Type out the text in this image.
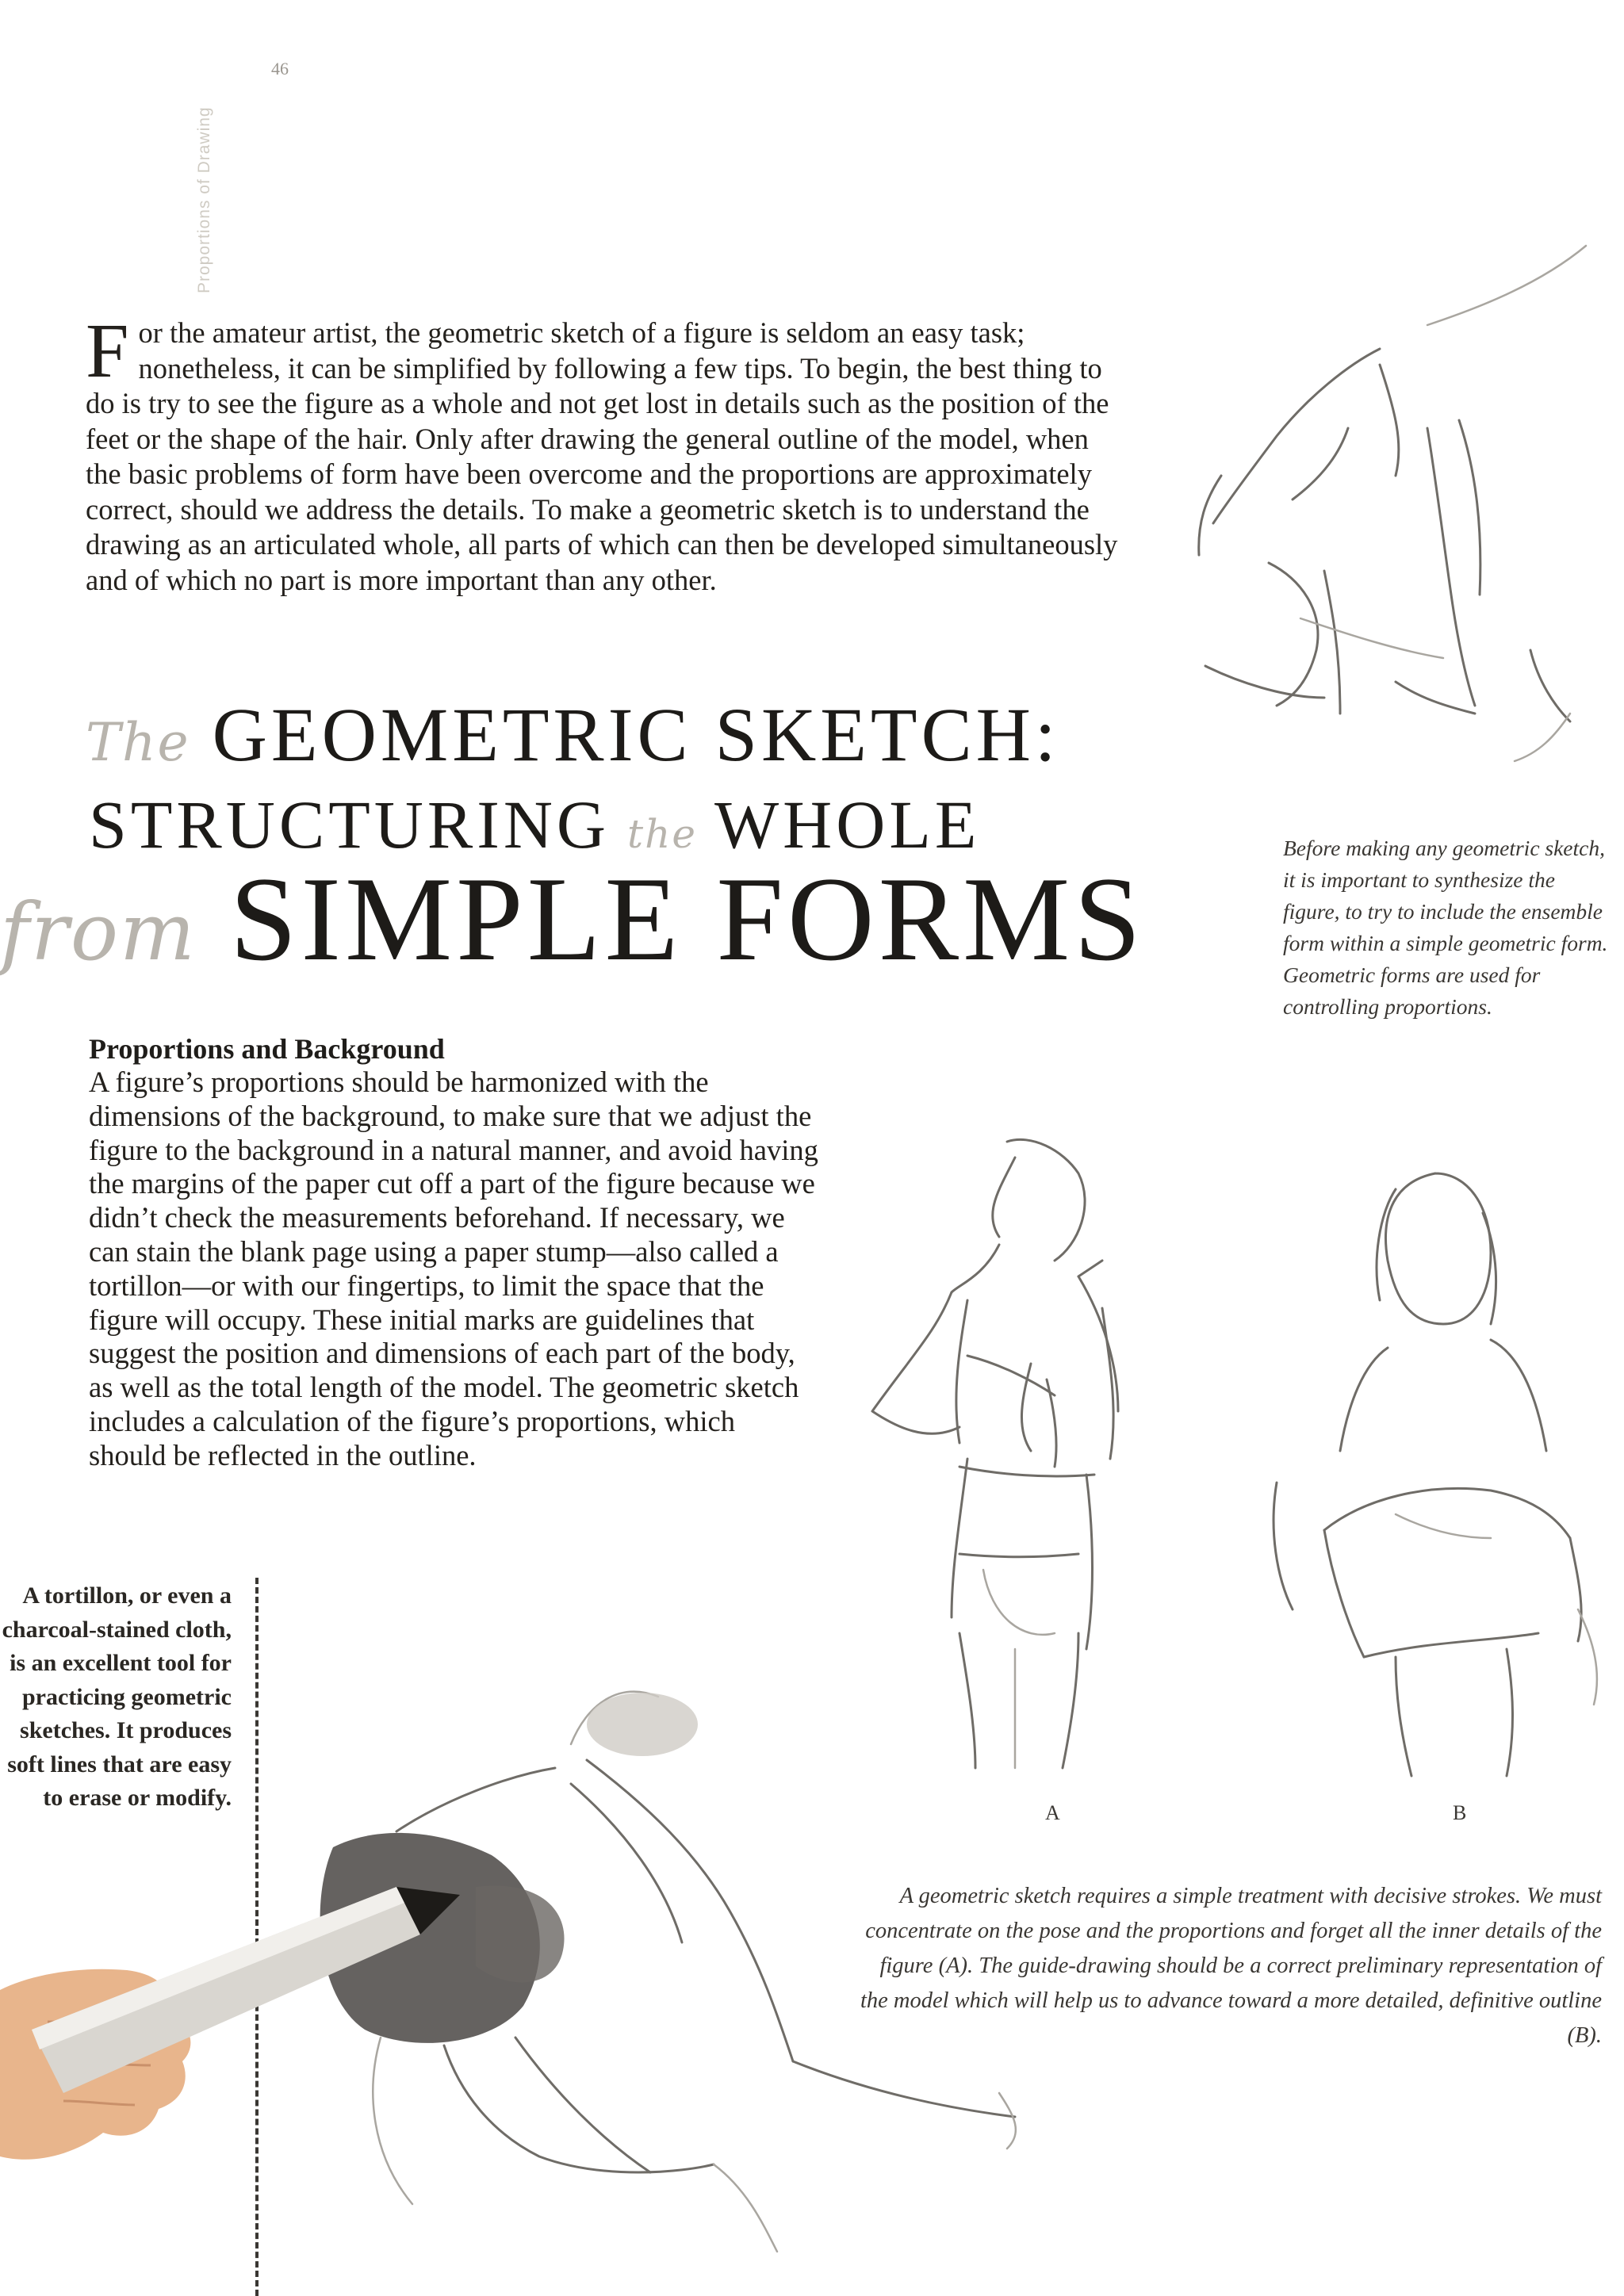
Proportions of Drawing
46

For the amateur artist, the geometric sketch of a figure is seldom an easy task; nonetheless, it can be simplified by following a few tips. To begin, the best thing to do is try to see the figure as a whole and not get lost in details such as the position of the feet or the shape of the hair. Only after drawing the general outline of the model, when the basic problems of form have been overcome and the proportions are approximately correct, should we address the details. To make a geometric sketch is to understand the drawing as an articulated whole, all parts of which can then be developed simultaneously and of which no part is more important than any other.

The GEOMETRIC SKETCH:
STRUCTURING the WHOLE
from SIMPLE FORMS

Before making any geometric sketch, it is important to synthesize the figure, to try to include the ensemble form within a simple geometric form. Geometric forms are used for controlling proportions.

Proportions and Background

A figure’s proportions should be harmonized with the dimensions of the background, to make sure that we adjust the figure to the background in a natural manner, and avoid having the margins of the paper cut off a part of the figure because we didn’t check the measurements beforehand. If necessary, we can stain the blank page using a paper stump—also called a tortillon—or with our fingertips, to limit the space that the figure will occupy. These initial marks are guidelines that suggest the position and dimensions of each part of the body, as well as the total length of the model. The geometric sketch includes a calculation of the figure’s proportions, which should be reflected in the outline.

A	B

A tortillon, or even a charcoal-stained cloth, is an excellent tool for practicing geometric sketches. It produces soft lines that are easy to erase or modify.

A geometric sketch requires a simple treatment with decisive strokes. We must concentrate on the pose and the proportions and forget all the inner details of the figure (A). The guide-drawing should be a correct preliminary representation of the model which will help us to advance toward a more detailed, definitive outline (B).
